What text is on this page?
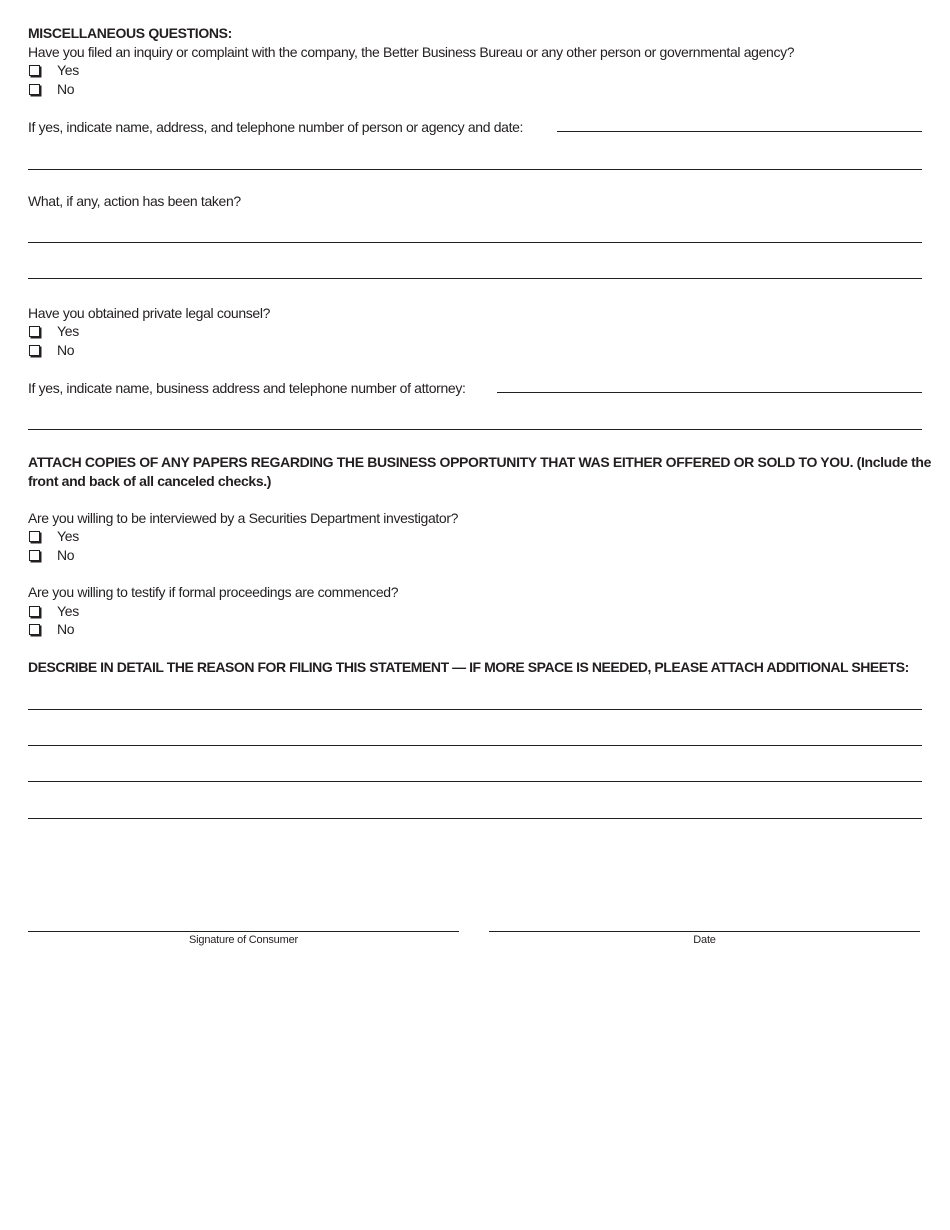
MISCELLANEOUS QUESTIONS:
Have you filed an inquiry or complaint with the company, the Better Business Bureau or any other person or governmental agency?
Yes
No
If yes, indicate name, address, and telephone number of person or agency and date:
What, if any, action has been taken?
Have you obtained private legal counsel?
Yes
No
If yes, indicate name, business address and telephone number of attorney:
ATTACH COPIES OF ANY PAPERS REGARDING THE BUSINESS OPPORTUNITY THAT WAS EITHER OFFERED OR SOLD TO YOU. (Include the
front and back of all canceled checks.)
Are you willing to be interviewed by a Securities Department investigator?
Yes
No
Are you willing to testify if formal proceedings are commenced?
Yes
No
DESCRIBE IN DETAIL THE REASON FOR FILING THIS STATEMENT — IF MORE SPACE IS NEEDED, PLEASE ATTACH ADDITIONAL SHEETS:
Signature of Consumer	Date
